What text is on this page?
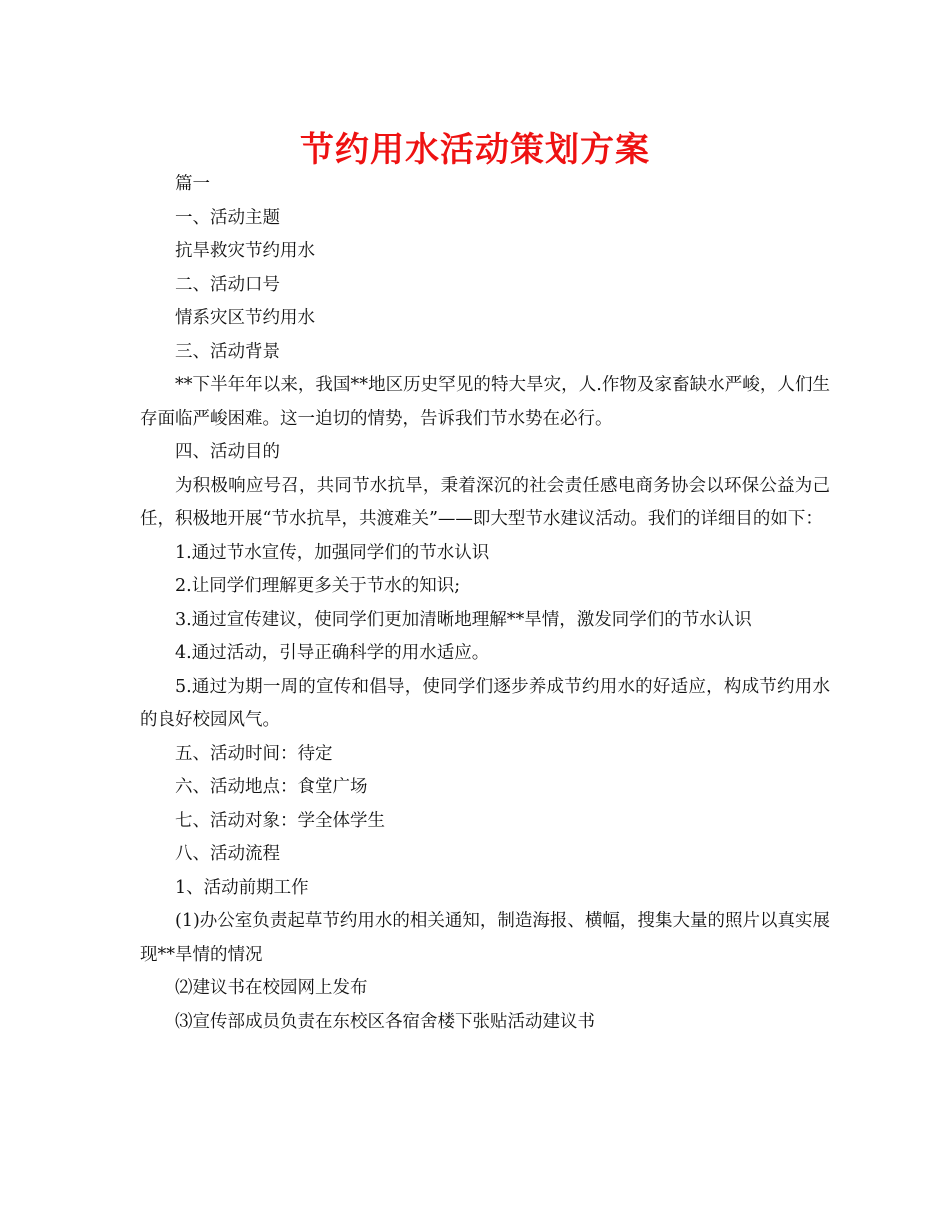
节约用水活动策划方案

篇一

一、活动主题

抗旱救灾节约用水

二、活动口号

情系灾区节约用水

三、活动背景

**下半年年以来，我国**地区历史罕见的特大旱灾，人.作物及家畜缺水严峻，人们生存面临严峻困难。这一迫切的情势，告诉我们节水势在必行。

四、活动目的

为积极响应号召，共同节水抗旱，秉着深沉的社会责任感电商务协会以环保公益为己任，积极地开展“节水抗旱，共渡难关”——即大型节水建议活动。我们的详细目的如下：

1.通过节水宣传，加强同学们的节水认识

2.让同学们理解更多关于节水的知识;

3.通过宣传建议，使同学们更加清晰地理解**旱情，激发同学们的节水认识

4.通过活动，引导正确科学的用水适应。

5.通过为期一周的宣传和倡导，使同学们逐步养成节约用水的好适应，构成节约用水的良好校园风气。

五、活动时间：待定

六、活动地点：食堂广场

七、活动对象：学全体学生

八、活动流程

1、活动前期工作

(1)办公室负责起草节约用水的相关通知，制造海报、横幅，搜集大量的照片以真实展现**旱情的情况

⑵建议书在校园网上发布

⑶宣传部成员负责在东校区各宿舍楼下张贴活动建议书
